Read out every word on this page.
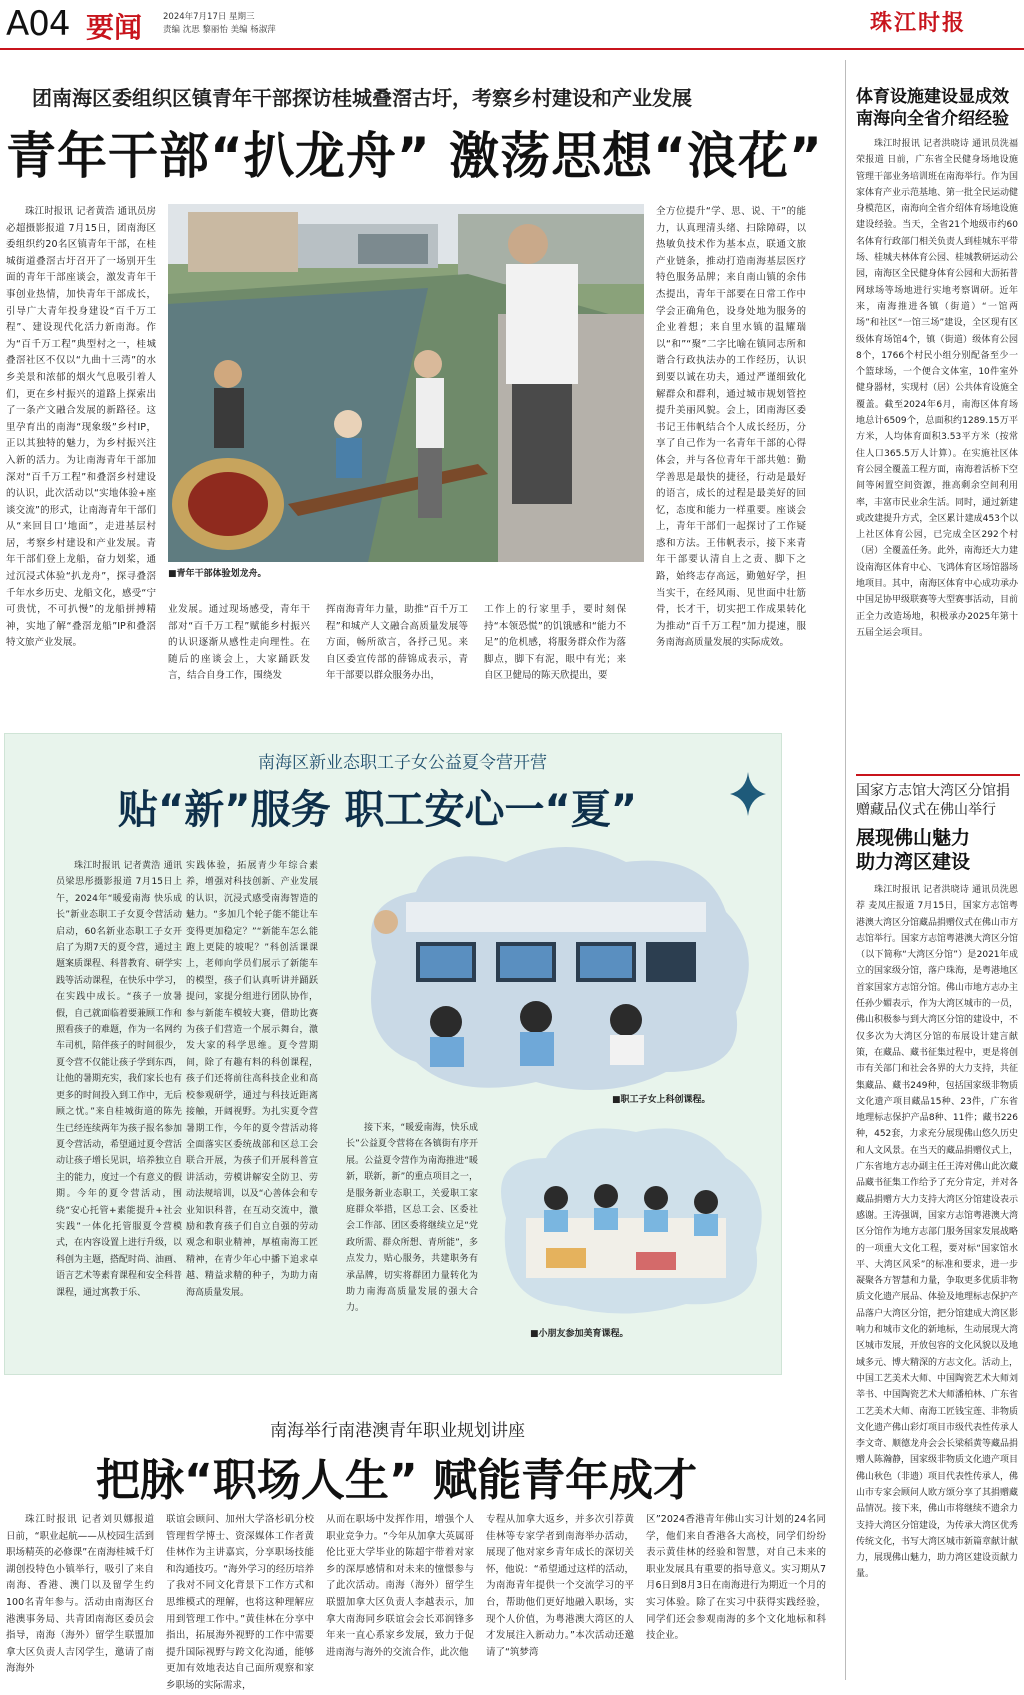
A04 要闻 2024年7月17日 星期三
责编 沈思 黎丽怡 美编 杨淑萍	珠江时报
团南海区委组织区镇青年干部探访桂城叠滘古圩，考察乡村建设和产业发展
青年干部“扒龙舟” 激荡思想“浪花”

珠江时报讯 记者黄浩 通讯员房必超摄影报道 7月15日，团南海区委组织约20名区镇青年干部，在桂城街道叠滘古圩召开了一场别开生面的青年干部座谈会，激发青年干事创业热情，加快青年干部成长，引导广大青年投身建设“百千万工程”、建设现代化活力新南海。作为“百千万工程”典型村之一，桂城叠滘社区不仅以“九曲十三湾”的水乡美景和浓郁的烟火气息吸引着人们，更在乡村振兴的道路上探索出了一条产文融合发展的新路径。这里孕育出的南海“现象级”乡村IP，正以其独特的魅力，为乡村振兴注入新的活力。为让南海青年干部加深对“百千万工程”和叠滘乡村建设的认识，此次活动以“实地体验+座谈交流”的形式，让南海青年干部们从“来回目口‘地面”，走进基层村居，考察乡村建设和产业发展。青年干部们登上龙船，奋力划桨，通过沉浸式体验“扒龙舟”，探寻叠滘千年水乡历史、龙船文化，感受“宁可贵忧，不可扒慢”的龙船拼搏精神，实地了解“叠滘龙船”IP和叠滘特文旅产业发展。

■青年干部体验划龙舟。

业发展。通过现场感受，青年干部对“百千万工程”赋能乡村振兴的认识逐渐从感性走向理性。在随后的座谈会上，大家踊跃发言，结合自身工作，围绕发

挥南海青年力量，助推“百千万工程”和城产人文融合高质量发展等方面，畅所欲言，各抒己见。来自区委宣传部的薛锦成表示，青年干部要以群众服务办出，

工作上的行家里手，要时刻保持“本领恐慌”的饥饿感和“能力不足”的危机感，将服务群众作为落脚点，脚下有泥，眼中有光；来自区卫健局的陈天欣提出，要

全方位提升“学、思、说、干”的能力，认真理清头绪、扫除障碍，以热敏负技术作为基本点，联通文旅产业链条，推动打造南海基层医疗特色服务品牌；来自南山镇的余伟杰提出，青年干部要在日常工作中学会正确角色，设身处地为服务的企业着想；来自里水镇的温耀瑞以“和”“聚”二字比喻在镇同志所和谐合行政执法办的工作经历，认识到要以诚在功夫，通过严谨细致化解群众和群利，通过城市规划管控提升美丽风貌。会上，团南海区委书记王伟帆结合个人成长经历，分享了自己作为一名青年干部的心得体会，并与各位青年干部共勉：勤学善思是最快的捷径，行动是最好的语言，成长的过程是最美好的回忆，态度和能力一样重要。座谈会上，青年干部们一起探讨了工作疑惑和方法。王伟帆表示，接下来青年干部要认清自上之责、脚下之路，始终志存高远，勤勉好学，担当实干，在经风雨、见世面中壮筋骨，长才干，切实把工作成果转化为推动“百千万工程”加力提速，服务南海高质量发展的实际成效。

南海区新业态职工子女公益夏令营开营
贴“新”服务 职工安心一“夏”

珠江时报讯 记者黄浩 通讯员梁思彤摄影报道 7月15日上午，2024年“暖爱南海 快乐成长”新业态职工子女夏令营活动启动，60名新业态职工子女开启了为期7天的夏令营，通过主题案质课程、科普教育、研学实践等活动课程，在快乐中学习，在实践中成长。“孩子一放暑假，自己就面临着要兼顾工作和照看孩子的难题，作为一名网约车司机，陪伴孩子的时间很少，夏令营不仅能让孩子学到东西，让他的暑期充实，我们家长也有更多的时间投入到工作中，无后顾之忧。”来自桂城街道的陈先生已经连续两年为孩子报名参加夏令营活动，希望通过夏令营活动让孩子增长见识，培养独立自主的能力，度过一个有意义的假期。今年的夏令营活动，围绕“安心托管+素能提升+社会实践”一体化托管服夏令营模式，在内容设置上进行升级，以科创为主题，搭配时尚、油画、语言艺术等素育课程和安全科普课程，通过寓教于乐、

实践体验，拓展青少年综合素养，增强对科技创新、产业发展的认识，沉浸式感受南海智造的魅力。“多加几个轮子能不能让车变得更加稳定？”“新能车怎么能跑上更陡的坡呢？”科创活课课上，老师向学员们展示了新能车的模型，孩子们认真听讲并踊跃提问，家提分组进行团队协作，参与新能车模较大赛，借助比赛为孩子们营造一个展示舞台，激发大家的科学思维。夏令营期间，除了有趣有料的科创课程，孩子们还将前往高科技企业和高校参观研学，通过与科技近距离接触，开阔视野。为扎实夏令营暑期工作，今年的夏令营活动将全面落实区委统战部和区总工会联合开展，为孩子们开展科普宣讲活动，劳模讲解安全防卫、劳动法规培训，以及“心善体会和专业知识科普，在互动交流中，激励和教育孩子们自立自强的劳动观念和职业精神，厚植南海工匠精神，在青少年心中播下追求卓越、精益求精的种子，为助力南海高质量发展。

■职工子女上科创课程。

接下来，“暖爱南海，快乐成长”公益夏令营将在各镇街有序开展。公益夏令营作为南海推进“暖新，联新，新”的重点项目之一，是服务新业态职工，关爱职工家庭群众举措，区总工会、区委社会工作部、团区委将继续立足“党政所需、群众所想、青所能”，多点发力，贴心服务，共建职务有承品牌，切实将群团力量转化为助力南海高质量发展的强大合力。

■小朋友参加美育课程。
南海举行南港澳青年职业规划讲座
把脉“职场人生” 赋能青年成才

珠江时报讯 记者刘贝娜报道 日前，“职业起航——从校园生活到职场精英的必修课”在南海桂城千灯湖创投特色小镇举行，吸引了来自南海、香港、澳门以及留学生约100名青年参与。活动由南海区台港澳事务局、共青团南海区委员会指导，南海（海外）留学生联盟加拿大区负责人吉冈学生，邀请了南海海外

联谊会顾问、加州大学洛杉矶分校管理哲学博士、资深媒体工作者黄佳林作为主讲嘉宾，分享职场技能和沟通技巧。“海外学习的经历培养了我对不同文化背景下工作方式和思维模式的理解，也将这种理解应用到管理工作中。”黄佳林在分享中指出，拓展海外视野的工作中需要提升国际视野与跨文化沟通，能够更加有效地表达自己面所观察和家乡职场的实际需求，

从而在职场中发挥作用，增强个人职业竞争力。“今年从加拿大英属哥伦比亚大学毕业的陈超宇带着对家乡的深厚感情和对未来的憧憬参与了此次活动。南海（海外）留学生联盟加拿大区负责人李越表示，加拿大南海同乡联谊会会长邓润锋多年来一直心系家乡发展，致力于促进南海与海外的交流合作，此次他

专程从加拿大返乡，并多次引荐黄佳林等专家学者到南海举办活动，展现了他对家乡青年成长的深切关怀，他说：“希望通过这样的活动，为南海青年提供一个交流学习的平台，帮助他们更好地融入职场，实现个人价值，为粤港澳大湾区的人才发展注入新动力。”本次活动还邀请了“筑梦湾

区”2024香港青年佛山实习计划的24名同学，他们来自香港各大高校，同学们纷纷表示黄佳林的经验和智慧，对自己未来的职业发展具有重要的指导意义。实习期从7月6日到8月3日在南海进行为期近一个月的实习体验。除了在实习中获得实践经验，同学们还会参观南海的多个文化地标和科技企业。

体育设施建设显成效 南海向全省介绍经验

珠江时报讯 记者洪晓诗 通讯员洗福荣报道 日前，广东省全民健身场地设施管理干部业务培训班在南海举行。作为国家体育产业示范基地、第一批全民运动健身模范区，南海向全省介绍体育场地设施建设经验。当天，全省21个地级市约60名体育行政部门相关负责人到桂城东平带场、桂城夫林体育公园、桂城教研运动公园，南海区全民健身体育公园和大沥拓普网球场等场地进行实地考察调研。近年来，南海推进各镇（街道）“一馆两场”和社区“一馆三场”建设，全区现有区级体育场馆4个，镇（街道）级体育公园8个，1766个村民小组分别配备至少一个篮球场，一个便合文体室，10件室外健身器材，实现村（居）公共体育设施全覆盖。截至2024年6月，南海区体育场地总计6509个，总面积约1289.15万平方米，人均体育面积3.53平方米（按常住人口365.5万人计算）。在实施社区体育公园全覆盖工程方面，南海着活桥下空间等闲置空间资源，推高剩余空间利用率，丰富市民业余生活。同时，通过新建或改建提升方式，全区累计建成453个以上社区体育公园，已完成全区292个村（居）全覆盖任务。此外，南海还大力建设南海区体育中心、飞鸿体育区场馆器场地项目。其中，南海区体育中心成功承办中国足协甲级联赛等大型赛事活动，目前正全力改造场地，积极承办2025年第十五届全运会项目。

国家方志馆大湾区分馆捐赠藏品仪式在佛山举行
展现佛山魅力 助力湾区建设

珠江时报讯 记者洪晓诗 通讯员洗恩荐 麦凤庄报道 7月15日，国家方志馆粤港澳大湾区分馆藏品捐赠仪式在佛山市方志馆举行。国家方志馆粤港澳大湾区分馆（以下简称“大湾区分馆”）是2021年成立的国家级分馆，落户珠海，是粤港地区首家国家方志馆分馆。佛山市地方志办主任孙少媚表示，作为大湾区城市的一员，佛山积极参与到大湾区分馆的建设中，不仅多次为大湾区分馆的布展设计建言献策，在藏品、藏书征集过程中，更是将创市有关部门和社会各界的大力支持，共征集藏品、藏书249种，包括国家级非物质文化遗产项目藏品15种、23件，广东省地理标志保护产品8种、11件；藏书226种，452套，力求充分展现佛山悠久历史和人文风景。在当天的藏品捐赠仪式上，广东省地方志办副主任王涛对佛山此次藏品藏书征集工作给予了充分肯定，并对各藏品捐赠方大力支持大湾区分馆建设表示感谢。王涛强调，国家方志馆粤港澳大湾区分馆作为地方志部门服务国家发展战略的一项重大文化工程，要对标“国家馆水平、大湾区风采”的标准和要求，进一步凝聚各方智慧和力量，争取更多优质非物质文化遗产展品、体验及地理标志保护产品落户大湾区分馆，把分馆建成大湾区影响力和城市文化的新地标，生动展现大湾区城市发展，开放包容的文化风貌以及地域多元、博大精深的方志文化。活动上，中国工艺美术大师、中国陶瓷艺术大师刘莘书、中国陶瓷艺术大师潘柏林、广东省工艺美术大师、南海工匠钱宝莲、非物质文化遗产佛山彩灯项目市级代表性传承人李文奇、顺德龙舟会会长梁稻黄等藏品捐赠人陈瀚静，国家级非物质文化遗产项目佛山秋色（非遗）项目代表性传承人，佛山市专家会顾问人欧方颂分享了其捐赠藏品情况。接下来，佛山市将继续不遗余力支持大湾区分馆建设，为传承大湾区优秀传统文化，书写大湾区城市新篇章献计献力，展现佛山魅力，助力湾区建设贡献力量。
